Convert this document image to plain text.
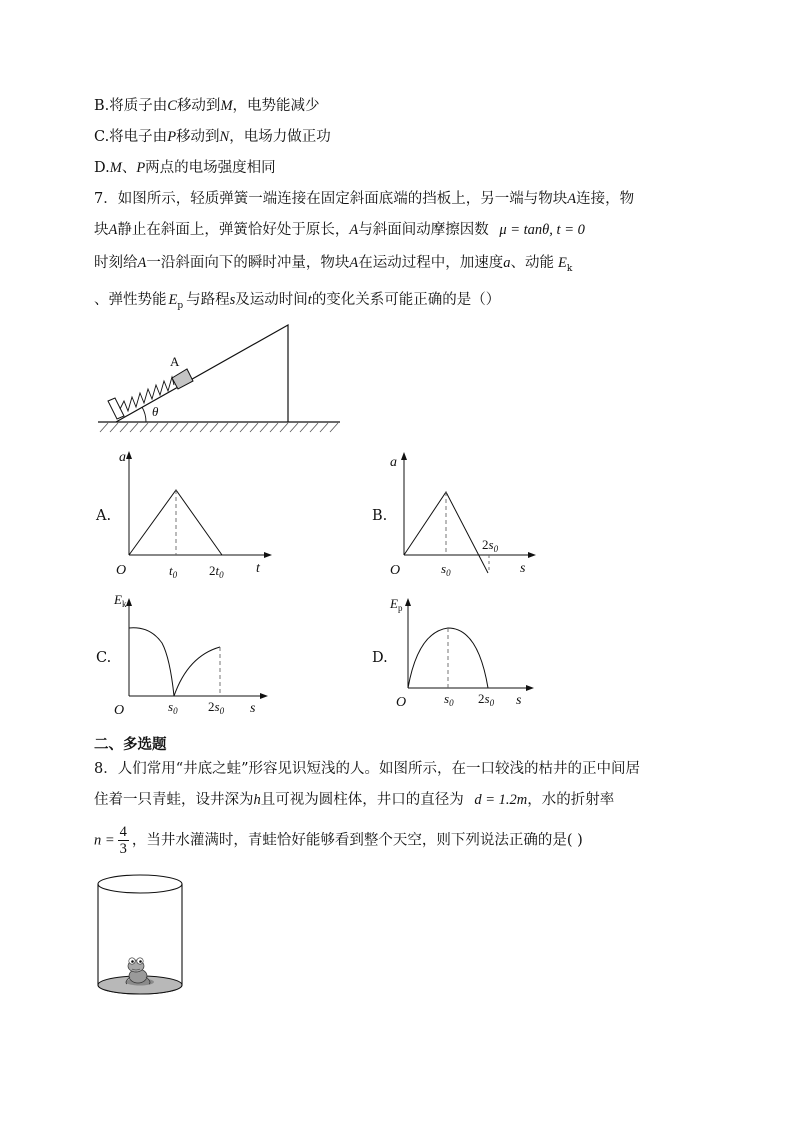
B.将质子由C移动到M，电势能减少
C.将电子由P移动到N，电场力做正功
D.M、P两点的电场强度相同
7．如图所示，轻质弹簧一端连接在固定斜面底端的挡板上，另一端与物块A连接，物
块A静止在斜面上，弹簧恰好处于原长，A与斜面间动摩擦因数 μ = tanθ, t = 0
时刻给A一沿斜面向下的瞬时冲量，物块A在运动过程中，加速度a、动能 $E_k$
、弹性势能 $E_p$ 与路程s及运动时间t的变化关系可能正确的是（）
θ
A
A.
a
O	t
$t_0$ $2t_0$
B.
a
O	s
$s_0$
$2s_0$
C.
$E_k$
O	s
$s_0$ $2s_0$
D.
$E_p$
O	s
$s_0$ $2s_0$
二、多选题
8．人们常用“井底之蛙”形容见识短浅的人。如图所示，在一口较浅的枯井的正中间居
住着一只青蛙，设井深为h且可视为圆柱体，井口的直径为 d = 1.2m，水的折射率
$n = \frac{4}{3}$ ，当井水灌满时，青蛙恰好能够看到整个天空，则下列说法正确的是( )
